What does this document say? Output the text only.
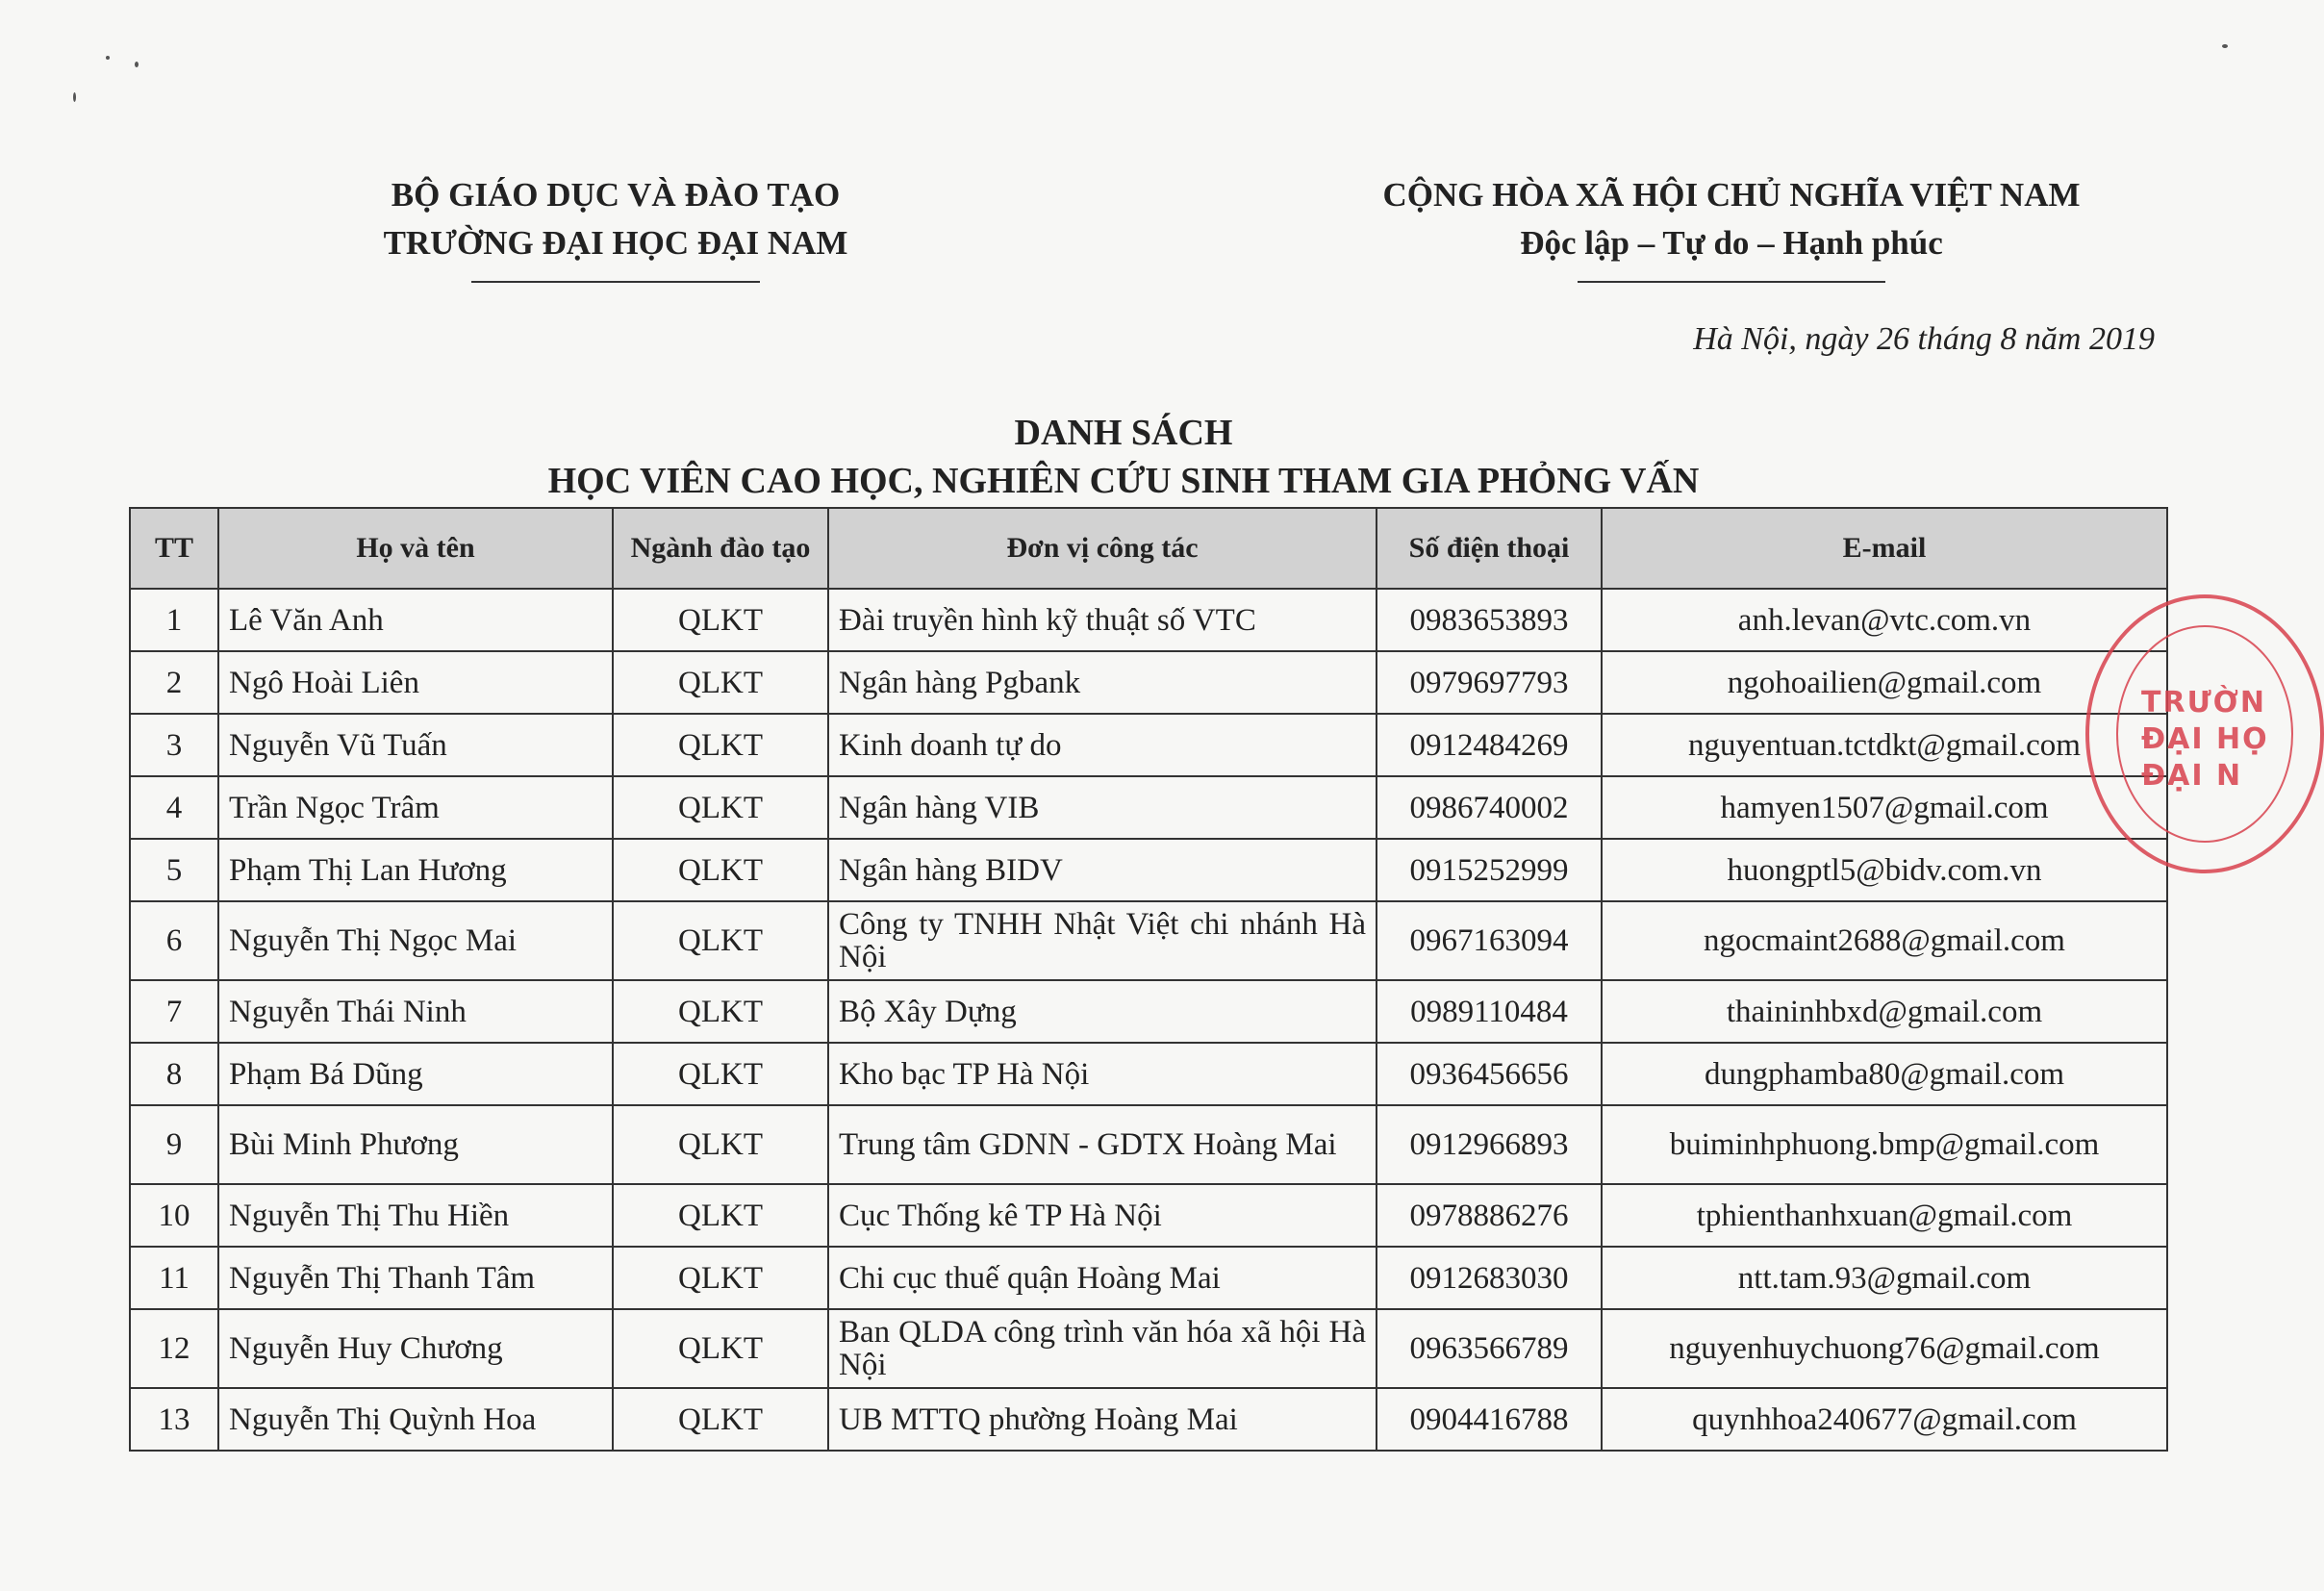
BỘ GIÁO DỤC VÀ ĐÀO TẠO
TRƯỜNG ĐẠI HỌC ĐẠI NAM
CỘNG HÒA XÃ HỘI CHỦ NGHĨA VIỆT NAM
Độc lập – Tự do – Hạnh phúc
Hà Nội, ngày 26 tháng 8 năm 2019
DANH SÁCH
HỌC VIÊN CAO HỌC, NGHIÊN CỨU SINH THAM GIA PHỎNG VẤN
TT	Họ và tên	Ngành đào tạo	Đơn vị công tác	Số điện thoại	E-mail
1	Lê Văn Anh	QLKT	Đài truyền hình kỹ thuật số VTC	0983653893	anh.levan@vtc.com.vn
2	Ngô Hoài Liên	QLKT	Ngân hàng Pgbank	0979697793	ngohoailien@gmail.com
3	Nguyễn Vũ Tuấn	QLKT	Kinh doanh tự do	0912484269	nguyentuan.tctdkt@gmail.com
4	Trần Ngọc Trâm	QLKT	Ngân hàng VIB	0986740002	hamyen1507@gmail.com
5	Phạm Thị Lan Hương	QLKT	Ngân hàng BIDV	0915252999	huongptl5@bidv.com.vn
6	Nguyễn Thị Ngọc Mai	QLKT	Công ty TNHH Nhật Việt chi nhánh Hà Nội	0967163094	ngocmaint2688@gmail.com
7	Nguyễn Thái Ninh	QLKT	Bộ Xây Dựng	0989110484	thaininhbxd@gmail.com
8	Phạm Bá Dũng	QLKT	Kho bạc TP Hà Nội	0936456656	dungphamba80@gmail.com
9	Bùi Minh Phương	QLKT	Trung tâm GDNN - GDTX Hoàng Mai	0912966893	buiminhphuong.bmp@gmail.com
10	Nguyễn Thị Thu Hiền	QLKT	Cục Thống kê TP Hà Nội	0978886276	tphienthanhxuan@gmail.com
11	Nguyễn Thị Thanh Tâm	QLKT	Chi cục thuế quận Hoàng Mai	0912683030	ntt.tam.93@gmail.com
12	Nguyễn Huy Chương	QLKT	Ban QLDA công trình văn hóa xã hội Hà Nội	0963566789	nguyenhuychuong76@gmail.com
13	Nguyễn Thị Quỳnh Hoa	QLKT	UB MTTQ phường Hoàng Mai	0904416788	quynhhoa240677@gmail.com
TRƯỜN
ĐẠI HỌ
ĐẠI N
